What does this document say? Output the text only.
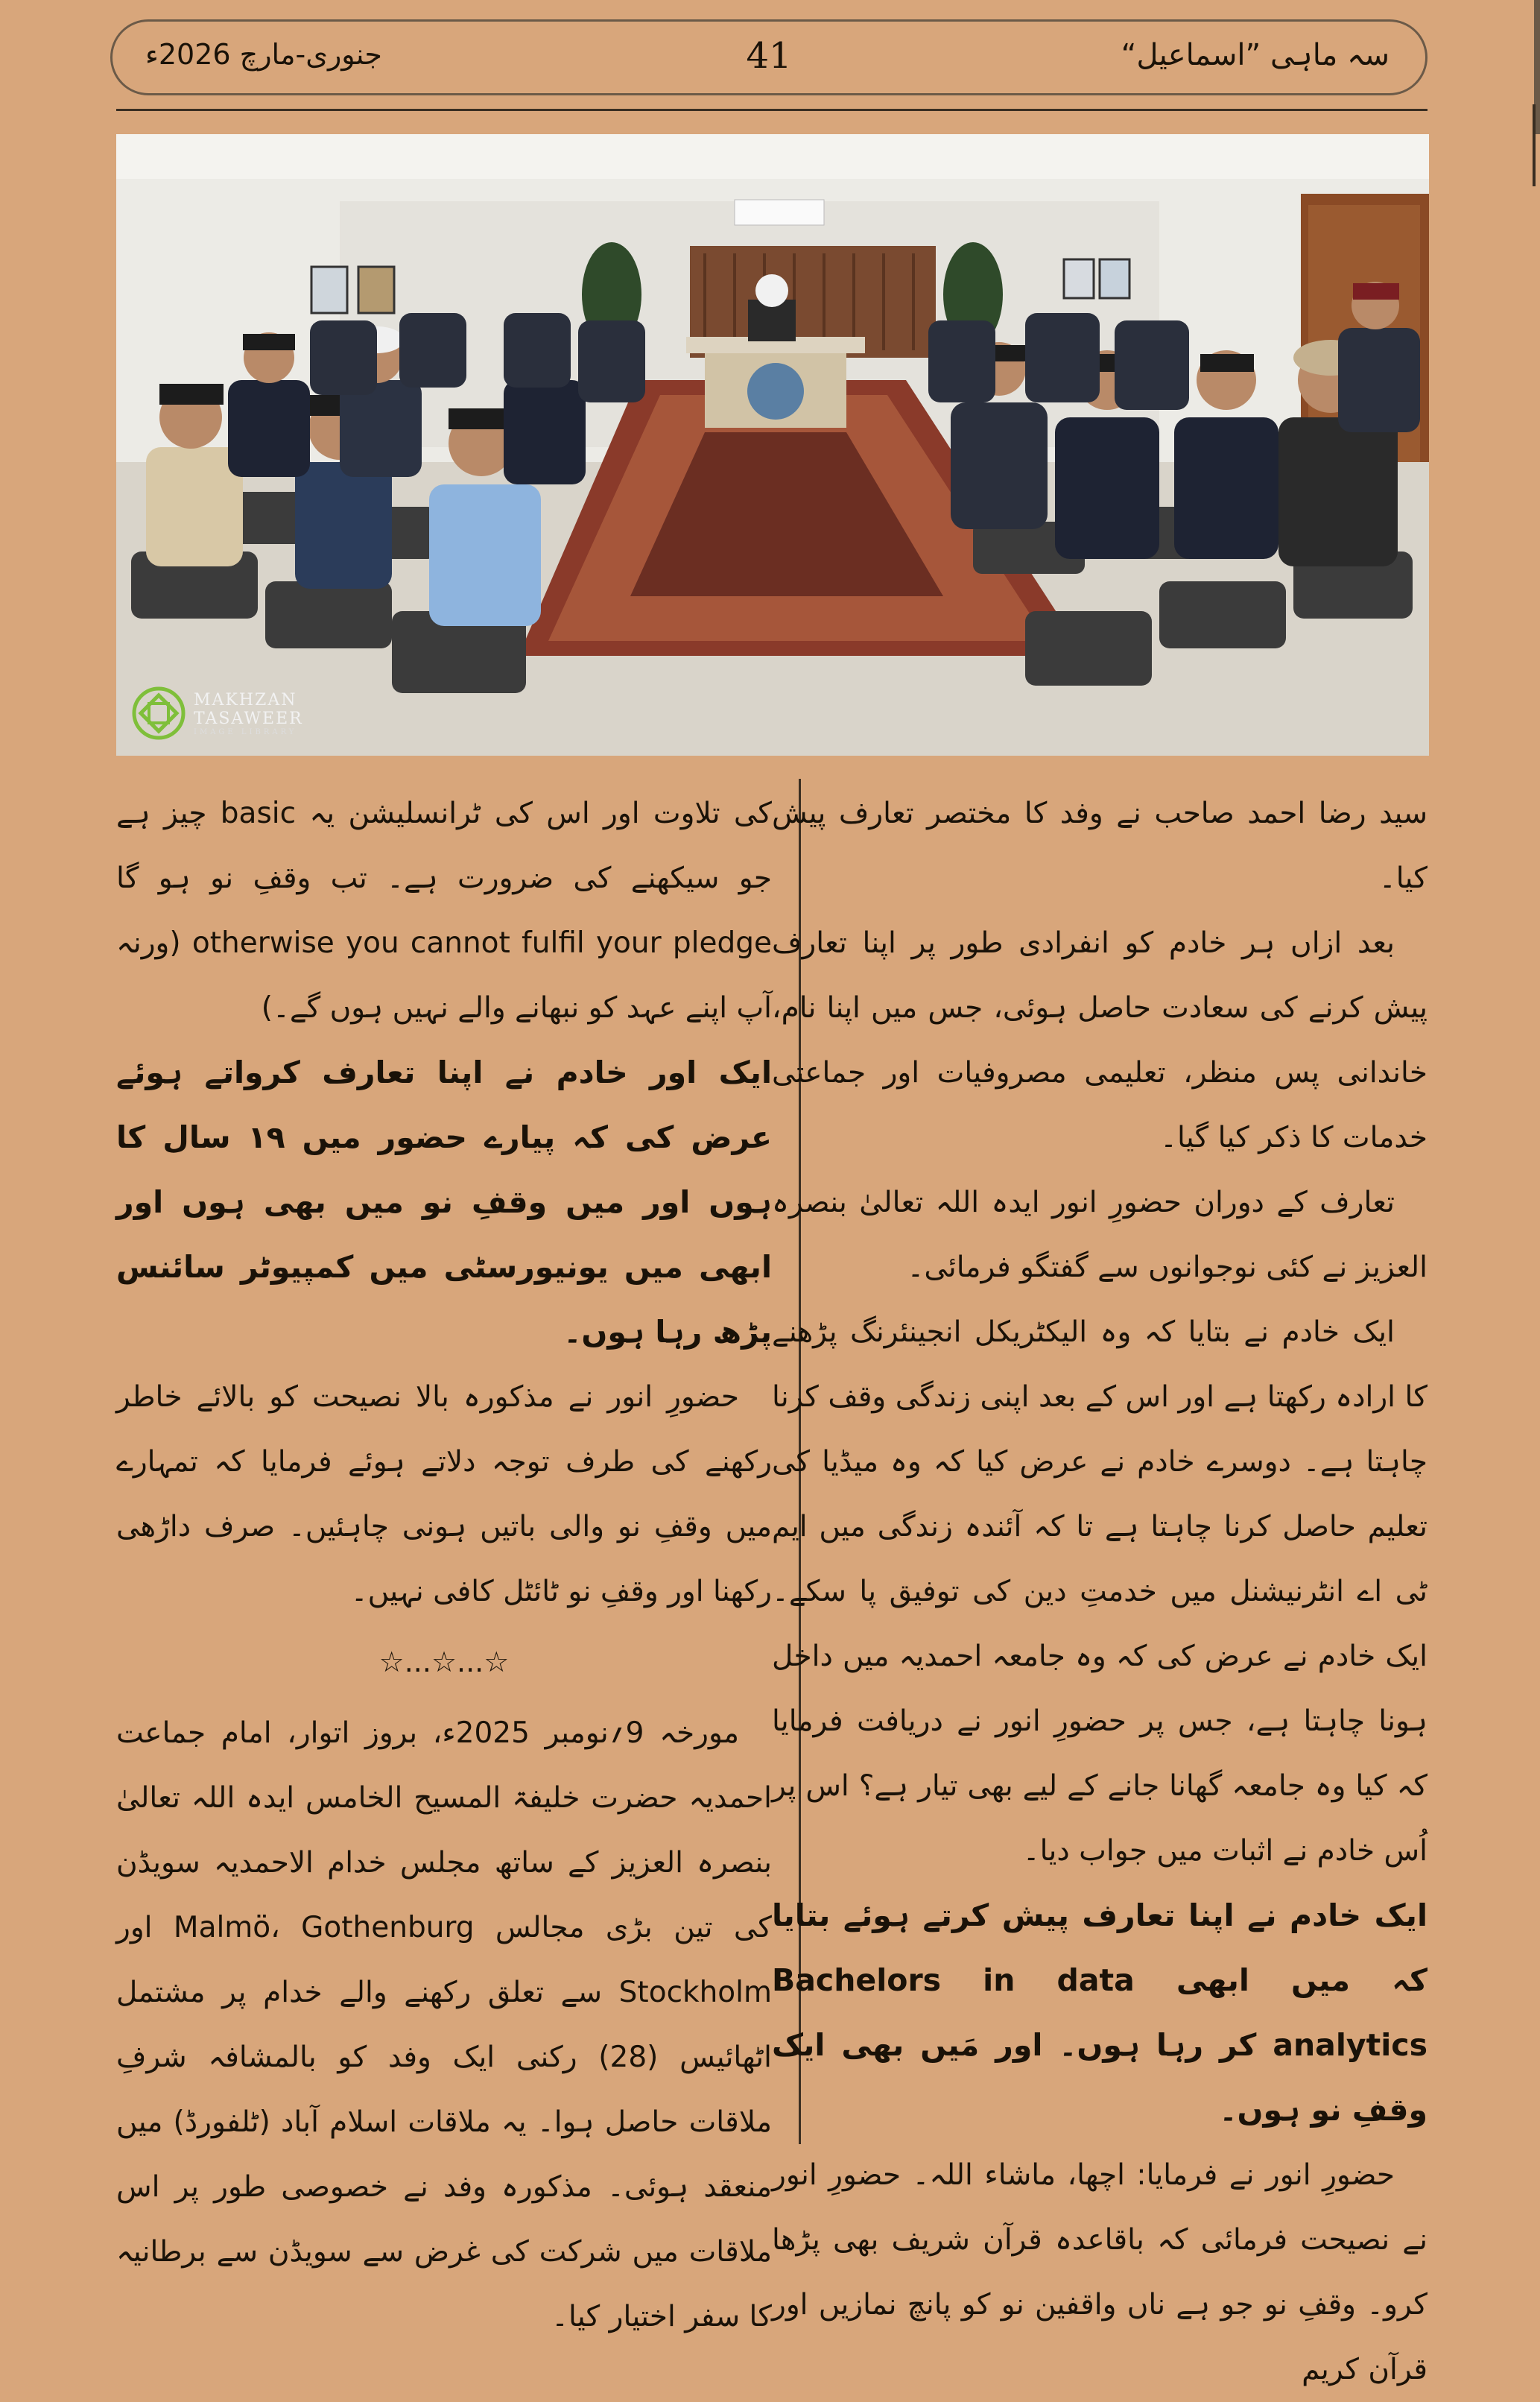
جنوری-مارچ 2026ء	41	سہ ماہی ”اسماعیل“
MAKHZAN
TASAWEER
IMAGE LIBRARY

سید رضا احمد صاحب نے وفد کا مختصر تعارف پیش کیا۔

بعد ازاں ہر خادم کو انفرادی طور پر اپنا تعارف پیش کرنے کی سعادت حاصل ہوئی، جس میں اپنا نام، خاندانی پس منظر، تعلیمی مصروفیات اور جماعتی خدمات کا ذکر کیا گیا۔

تعارف کے دوران حضورِ انور ایدہ اللہ تعالیٰ بنصرہ العزیز نے کئی نوجوانوں سے گفتگو فرمائی۔

ایک خادم نے بتایا کہ وہ الیکٹریکل انجینئرنگ پڑھنے کا ارادہ رکھتا ہے اور اس کے بعد اپنی زندگی وقف کرنا چاہتا ہے۔ دوسرے خادم نے عرض کیا کہ وہ میڈیا کی تعلیم حاصل کرنا چاہتا ہے تا کہ آئندہ زندگی میں ایم ٹی اے انٹرنیشنل میں خدمتِ دین کی توفیق پا سکے۔ ایک خادم نے عرض کی کہ وہ جامعہ احمدیہ میں داخل ہونا چاہتا ہے، جس پر حضورِ انور نے دریافت فرمایا کہ کیا وہ جامعہ گھانا جانے کے لیے بھی تیار ہے؟ اس پر اُس خادم نے اثبات میں جواب دیا۔

ایک خادم نے اپنا تعارف پیش کرتے ہوئے بتایا کہ میں ابھی Bachelors in data analytics کر رہا ہوں۔ اور مَیں بھی ایک وقفِ نو ہوں۔

حضورِ انور نے فرمایا: اچھا، ماشاء اللہ۔ حضورِ انور نے نصیحت فرمائی کہ باقاعدہ قرآن شریف بھی پڑھا کرو۔ وقفِ نو جو ہے ناں واقفین نو کو پانچ نمازیں اور قرآن کریم

کی تلاوت اور اس کی ٹرانسلیشن یہ basic چیز ہے جو سیکھنے کی ضرورت ہے۔ تب وقفِ نو ہو گا otherwise you cannot fulfil your pledge (ورنہ آپ اپنے عہد کو نبھانے والے نہیں ہوں گے۔)

ایک اور خادم نے اپنا تعارف کرواتے ہوئے عرض کی کہ پیارے حضور میں ۱۹ سال کا ہوں اور میں وقفِ نو میں بھی ہوں اور ابھی میں یونیورسٹی میں کمپیوٹر سائنس پڑھ رہا ہوں۔

حضورِ انور نے مذکورہ بالا نصیحت کو بالائے خاطر رکھنے کی طرف توجہ دلاتے ہوئے فرمایا کہ تمہارے میں وقفِ نو والی باتیں ہونی چاہئیں۔ صرف داڑھی رکھنا اور وقفِ نو ٹائٹل کافی نہیں۔

☆...☆...☆

مورخہ 9؍نومبر 2025ء، بروز اتوار، امام جماعت احمدیہ حضرت خلیفۃ المسیح الخامس ایدہ اللہ تعالیٰ بنصرہ العزیز کے ساتھ مجلس خدام الاحمدیہ سویڈن کی تین بڑی مجالس Malmö، Gothenburg اور Stockholm سے تعلق رکھنے والے خدام پر مشتمل اٹھائیس (28) رکنی ایک وفد کو بالمشافہ شرفِ ملاقات حاصل ہوا۔ یہ ملاقات اسلام آباد (ٹلفورڈ) میں منعقد ہوئی۔ مذکورہ وفد نے خصوصی طور پر اس ملاقات میں شرکت کی غرض سے سویڈن سے برطانیہ کا سفر اختیار کیا۔
